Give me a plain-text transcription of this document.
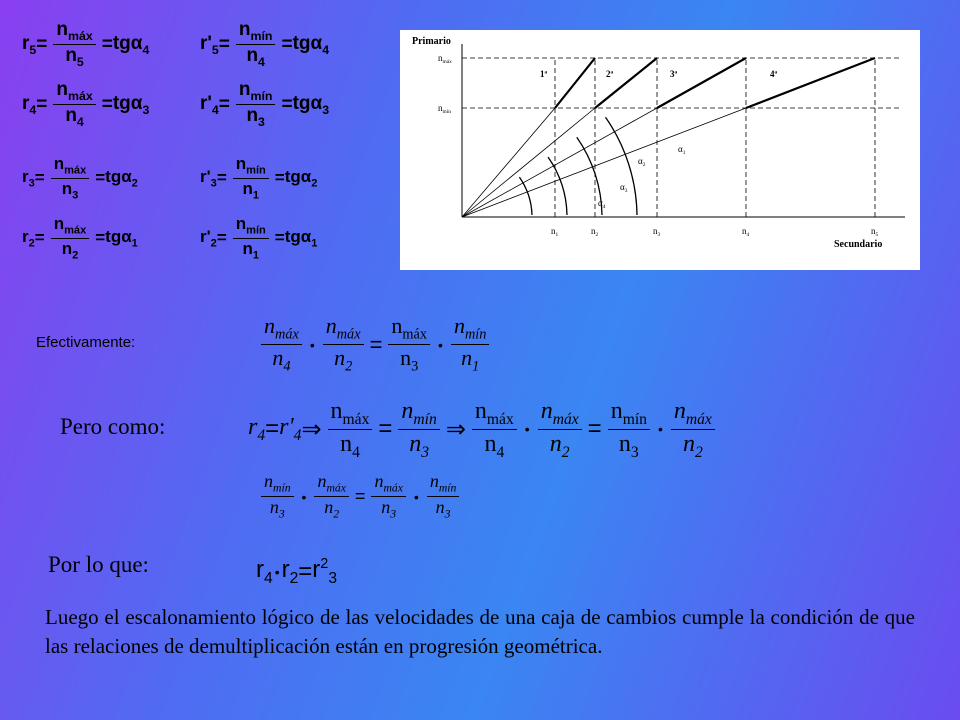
$r_5 = \frac{n_{máx}}{n_5} = tg\alpha_4$	$r'_5 = \frac{n_{mín}}{n_4} = tg\alpha_4$
$r_4 = \frac{n_{máx}}{n_4} = tg\alpha_3$	$r'_4 = \frac{n_{mín}}{n_3} = tg\alpha_3$
$r_3 = \frac{n_{máx}}{n_3} = tg\alpha_2$	$r'_3 = \frac{n_{mín}}{n_1} = tg\alpha_2$
$r_2 = \frac{n_{máx}}{n_2} = tg\alpha_1$	$r'_2 = \frac{n_{mín}}{n_1} = tg\alpha_1$
$n_1$	$n_2$	$n_3$	$n_4$	$n_5$
1ª	2ª	3ª	4ª
$\alpha_1$
$\alpha_2$
$\alpha_3$
$\alpha_4$
Primario
Secundario
$n_{máx}$
$n_{mín}$
Efectivamente:	$\frac{n_{máx}}{n_4}$ • $\frac{n_{máx}}{n_2} = \frac{n_{máx}}{n_3}$ • $\frac{n_{mín}}{n_1}$
Pero como:	$r_4 = r'_4$ ⇒ $\frac{n_{máx}}{n_4} = \frac{n_{mín}}{n_3}$ ⇒ $\frac{n_{máx}}{n_4}$ • $\frac{n_{máx}}{n_2} = \frac{n_{mín}}{n_3}$ • $\frac{n_{máx}}{n_2}$
$\frac{n_{mín}}{n_3}$ • $\frac{n_{máx}}{n_2} = \frac{n_{máx}}{n_3}$ • $\frac{n_{mín}}{n_3}$
Por lo que:	$r_4$ • $r_2 = r^2_3$
Luego el escalonamiento lógico de las velocidades de una caja de cambios cumple la condición de que las relaciones de demultiplicación están en progresión geométrica.
